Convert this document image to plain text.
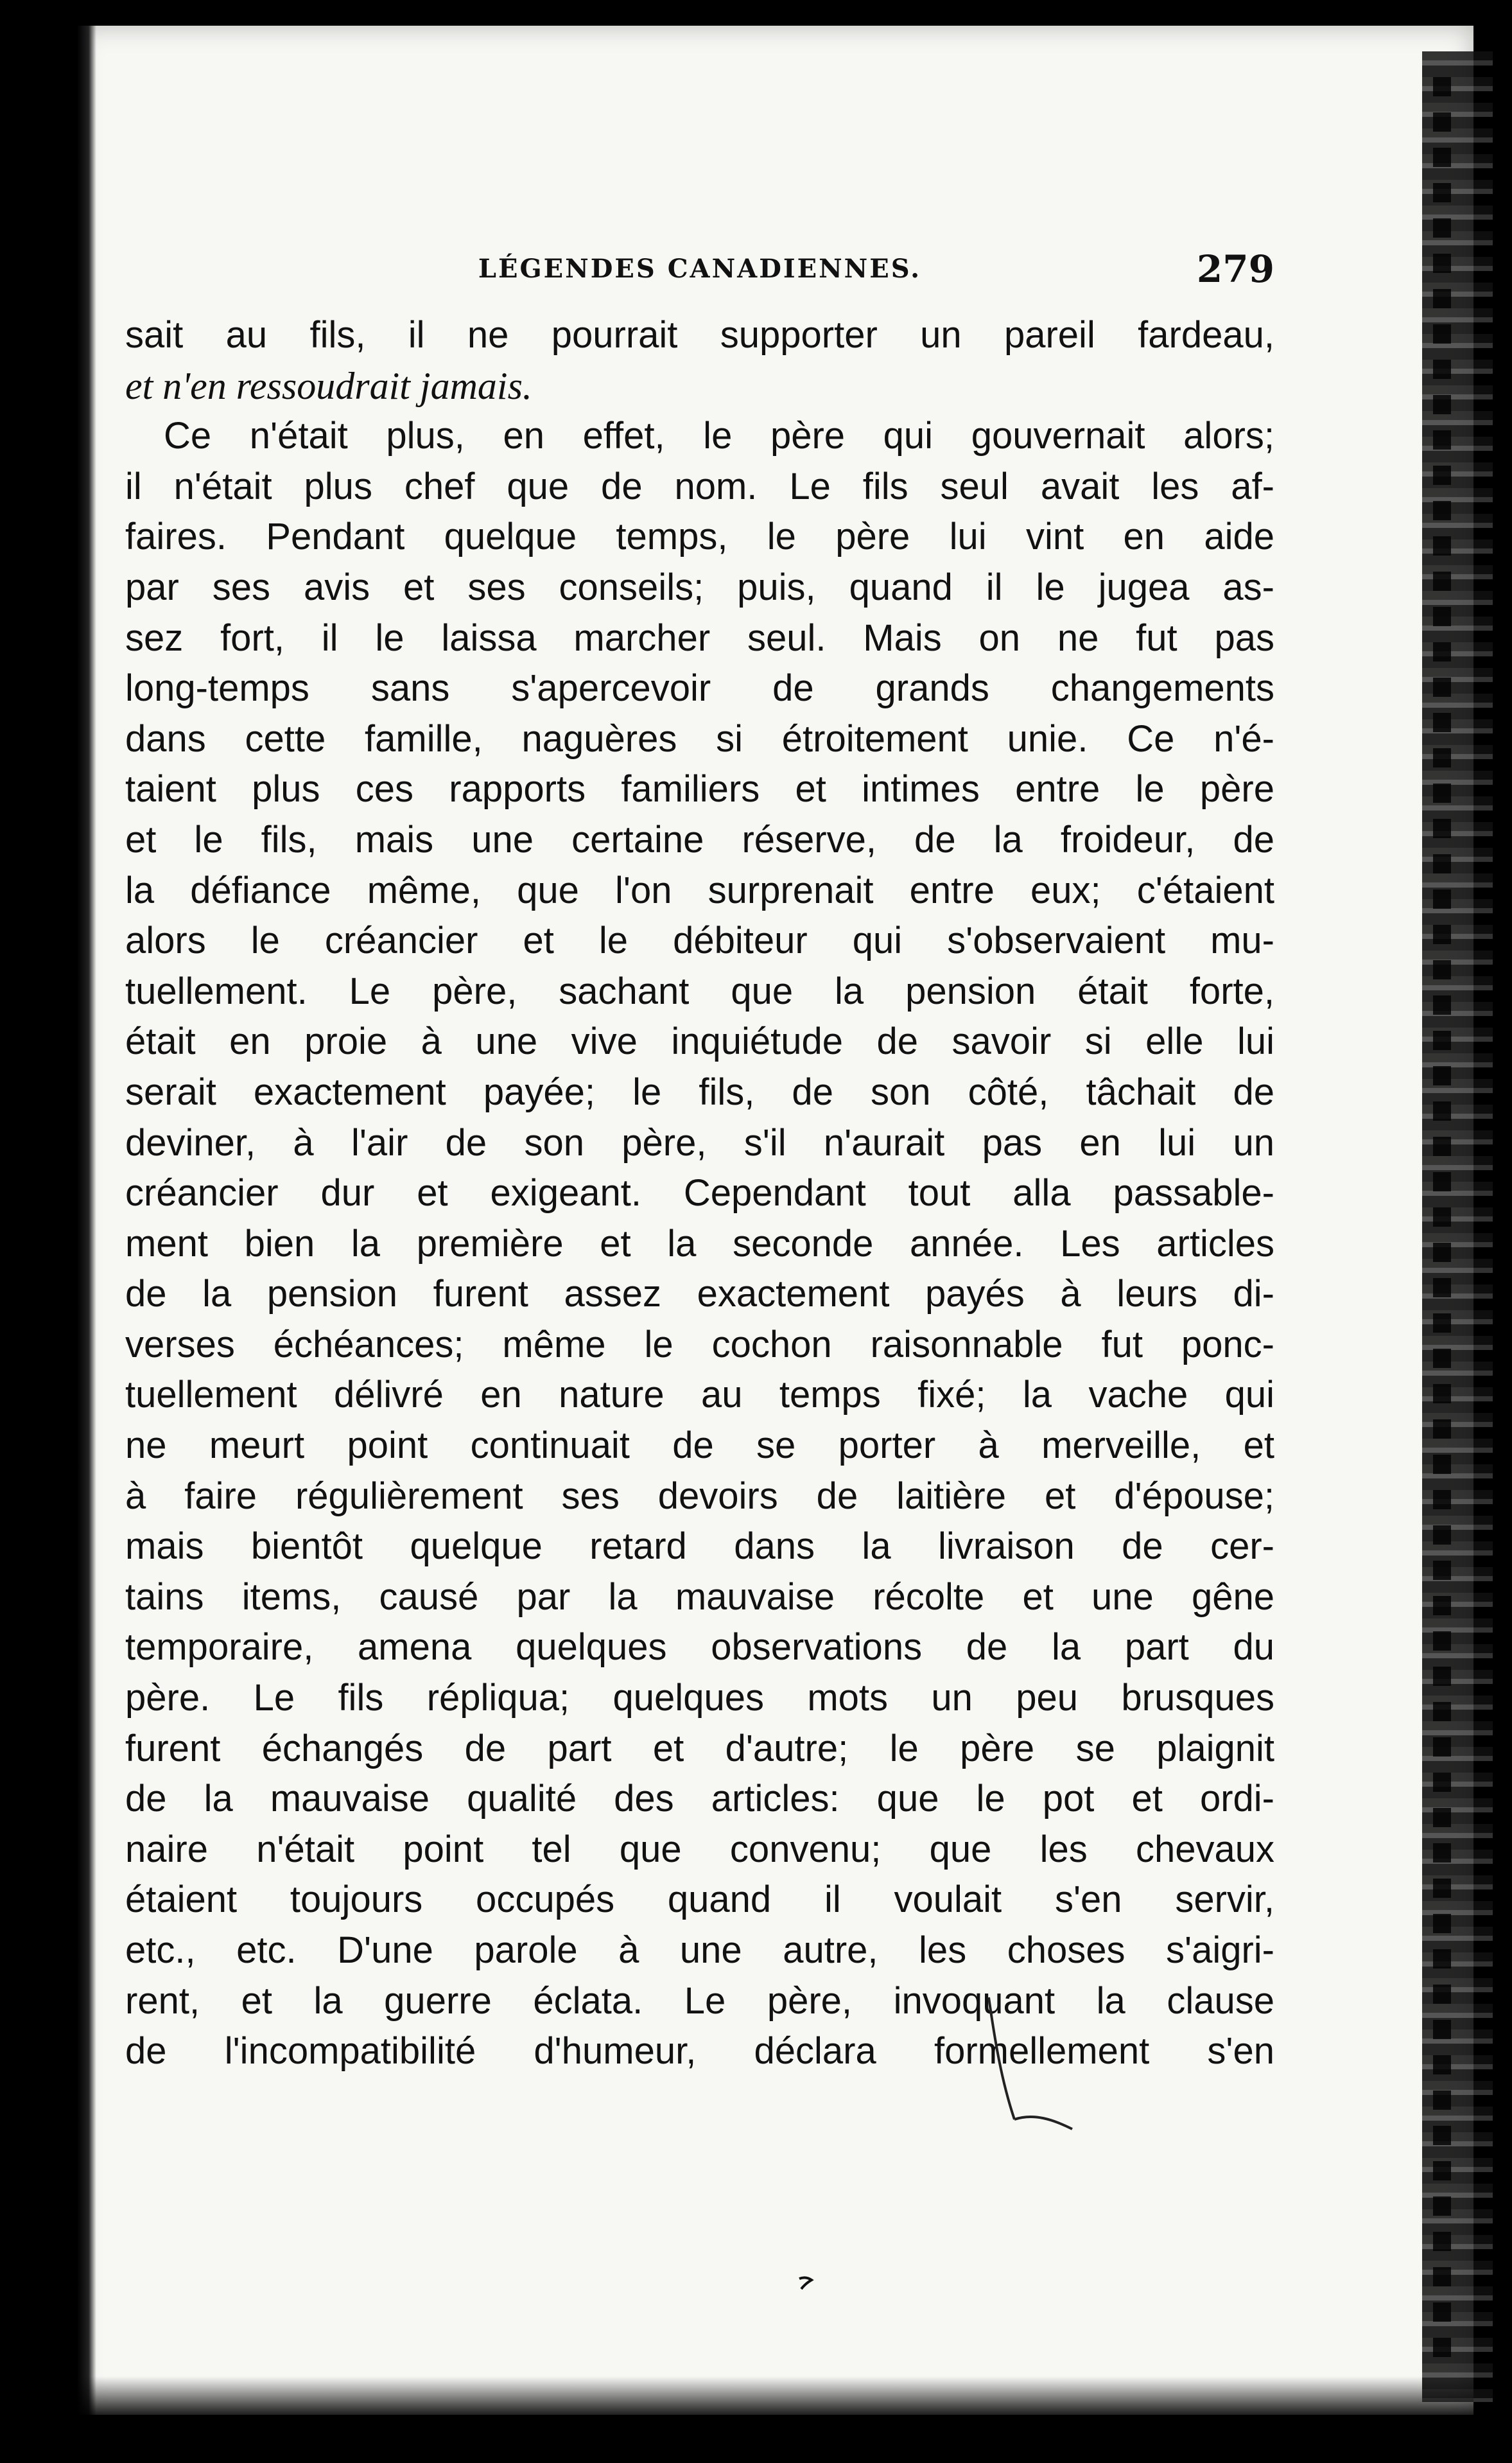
LÉGENDES CANADIENNES.	279
sait au fils, il ne pourrait supporter un pareil fardeau,
et n'en ressoudrait jamais.
Ce n'était plus, en effet, le père qui gouvernait alors;
il n'était plus chef que de nom. Le fils seul avait les af-
faires. Pendant quelque temps, le père lui vint en aide
par ses avis et ses conseils; puis, quand il le jugea as-
sez fort, il le laissa marcher seul. Mais on ne fut pas
long-temps sans s'apercevoir de grands changements
dans cette famille, naguères si étroitement unie. Ce n'é-
taient plus ces rapports familiers et intimes entre le père
et le fils, mais une certaine réserve, de la froideur, de
la défiance même, que l'on surprenait entre eux; c'étaient
alors le créancier et le débiteur qui s'observaient mu-
tuellement. Le père, sachant que la pension était forte,
était en proie à une vive inquiétude de savoir si elle lui
serait exactement payée; le fils, de son côté, tâchait de
deviner, à l'air de son père, s'il n'aurait pas en lui un
créancier dur et exigeant. Cependant tout alla passable-
ment bien la première et la seconde année. Les articles
de la pension furent assez exactement payés à leurs di-
verses échéances; même le cochon raisonnable fut ponc-
tuellement délivré en nature au temps fixé; la vache qui
ne meurt point continuait de se porter à merveille, et
à faire régulièrement ses devoirs de laitière et d'épouse;
mais bientôt quelque retard dans la livraison de cer-
tains items, causé par la mauvaise récolte et une gêne
temporaire, amena quelques observations de la part du
père. Le fils répliqua; quelques mots un peu brusques
furent échangés de part et d'autre; le père se plaignit
de la mauvaise qualité des articles: que le pot et ordi-
naire n'était point tel que convenu; que les chevaux
étaient toujours occupés quand il voulait s'en servir,
etc., etc. D'une parole à une autre, les choses s'aigri-
rent, et la guerre éclata. Le père, invoquant la clause
de l'incompatibilité d'humeur, déclara formellement s'en
